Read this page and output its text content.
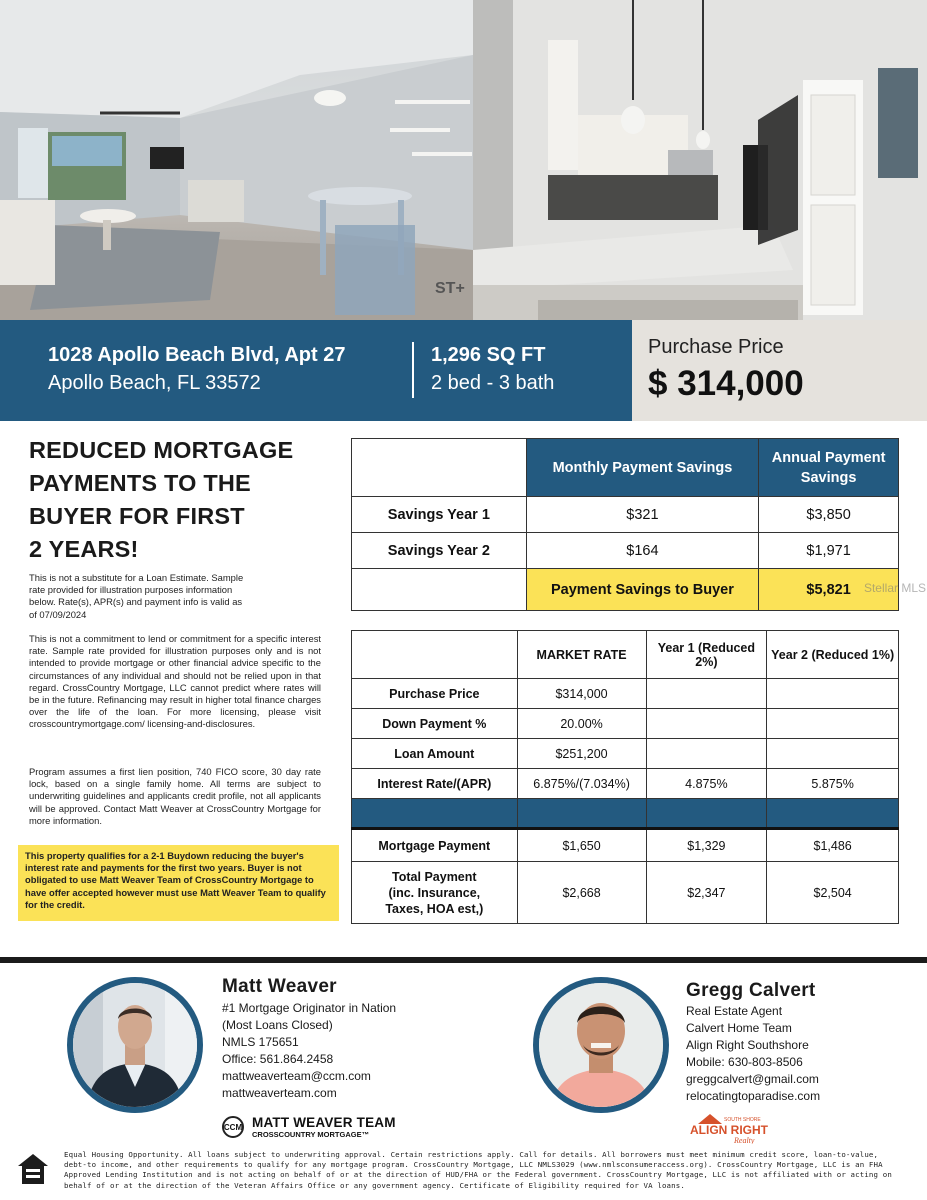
ST+
1028 Apollo Beach Blvd, Apt 27
Apollo Beach, FL 33572
1,296 SQ FT
2 bed - 3 bath
Purchase Price
$ 314,000
REDUCED MORTGAGE
PAYMENTS TO THE
BUYER FOR FIRST
2 YEARS!
This is not a substitute for a Loan Estimate. Sample rate provided for illustration purposes information below. Rate(s), APR(s) and payment info is valid as of 07/09/2024
This is not a commitment to lend or commitment for a specific interest rate. Sample rate provided for illustration purposes only and is not intended to provide mortgage or other financial advice specific to the circumstances of any individual and should not be relied upon in that regard. CrossCountry Mortgage, LLC cannot predict where rates will be in the future. Refinancing may result in higher total finance charges over the life of the loan. For more licensing, please visit crosscountrymortgage.com/ licensing-and-disclosures.
Program assumes a first lien position, 740 FICO score, 30 day rate lock, based on a single family home. All terms are subject to underwriting guidelines and applicants credit profile, not all applicants will be approved. Contact Matt Weaver at CrossCountry Mortgage for more information.
This property qualifies for a 2-1 Buydown reducing the buyer's interest rate and payments for the first two years. Buyer is not obligated to use Matt Weaver Team of CrossCountry Mortgage to have offer accepted however must use Matt Weaver Team to qualify for the credit.
	Monthly Payment Savings	Annual Payment Savings
Savings Year 1	$321	$3,850
Savings Year 2	$164	$1,971
	Payment Savings to Buyer	$5,821 Stellar MLS
	MARKET RATE	Year 1 (Reduced 2%)	Year 2 (Reduced 1%)
Purchase Price	$314,000		
Down Payment %	20.00%		
Loan Amount	$251,200		
Interest Rate/(APR)	6.875%/(7.034%)	4.875%	5.875%

Mortgage Payment	$1,650	$1,329	$1,486

Total Payment
(inc. Insurance,
Taxes, HOA est,)	$2,668	$2,347	$2,504
Matt Weaver
#1 Mortgage Originator in Nation
(Most Loans Closed)
NMLS 175651
Office: 561.864.2458
mattweaverteam@ccm.com
mattweaverteam.com
CCM MATT WEAVER TEAM
CROSSCOUNTRY MORTGAGE™
Gregg Calvert
Real Estate Agent
Calvert Home Team
Align Right Southshore
Mobile: 630-803-8506
greggcalvert@gmail.com
relocatingtoparadise.com
SOUTH SHORE
ALIGN RIGHT
Realty
Equal Housing Opportunity. All loans subject to underwriting approval. Certain restrictions apply. Call for details. All borrowers must meet minimum credit score, loan-to-value, debt-to income, and other requirements to qualify for any mortgage program. CrossCountry Mortgage, LLC NMLS3029 (www.nmlsconsumeraccess.org). CrossCountry Mortgage, LLC is an FHA Approved Lending Institution and is not acting on behalf of or at the direction of HUD/FHA or the Federal government. CrossCountry Mortgage, LLC is not affiliated with or acting on behalf of or at the direction of the Veteran Affairs Office or any government agency. Certificate of Eligibility required for VA loans.
